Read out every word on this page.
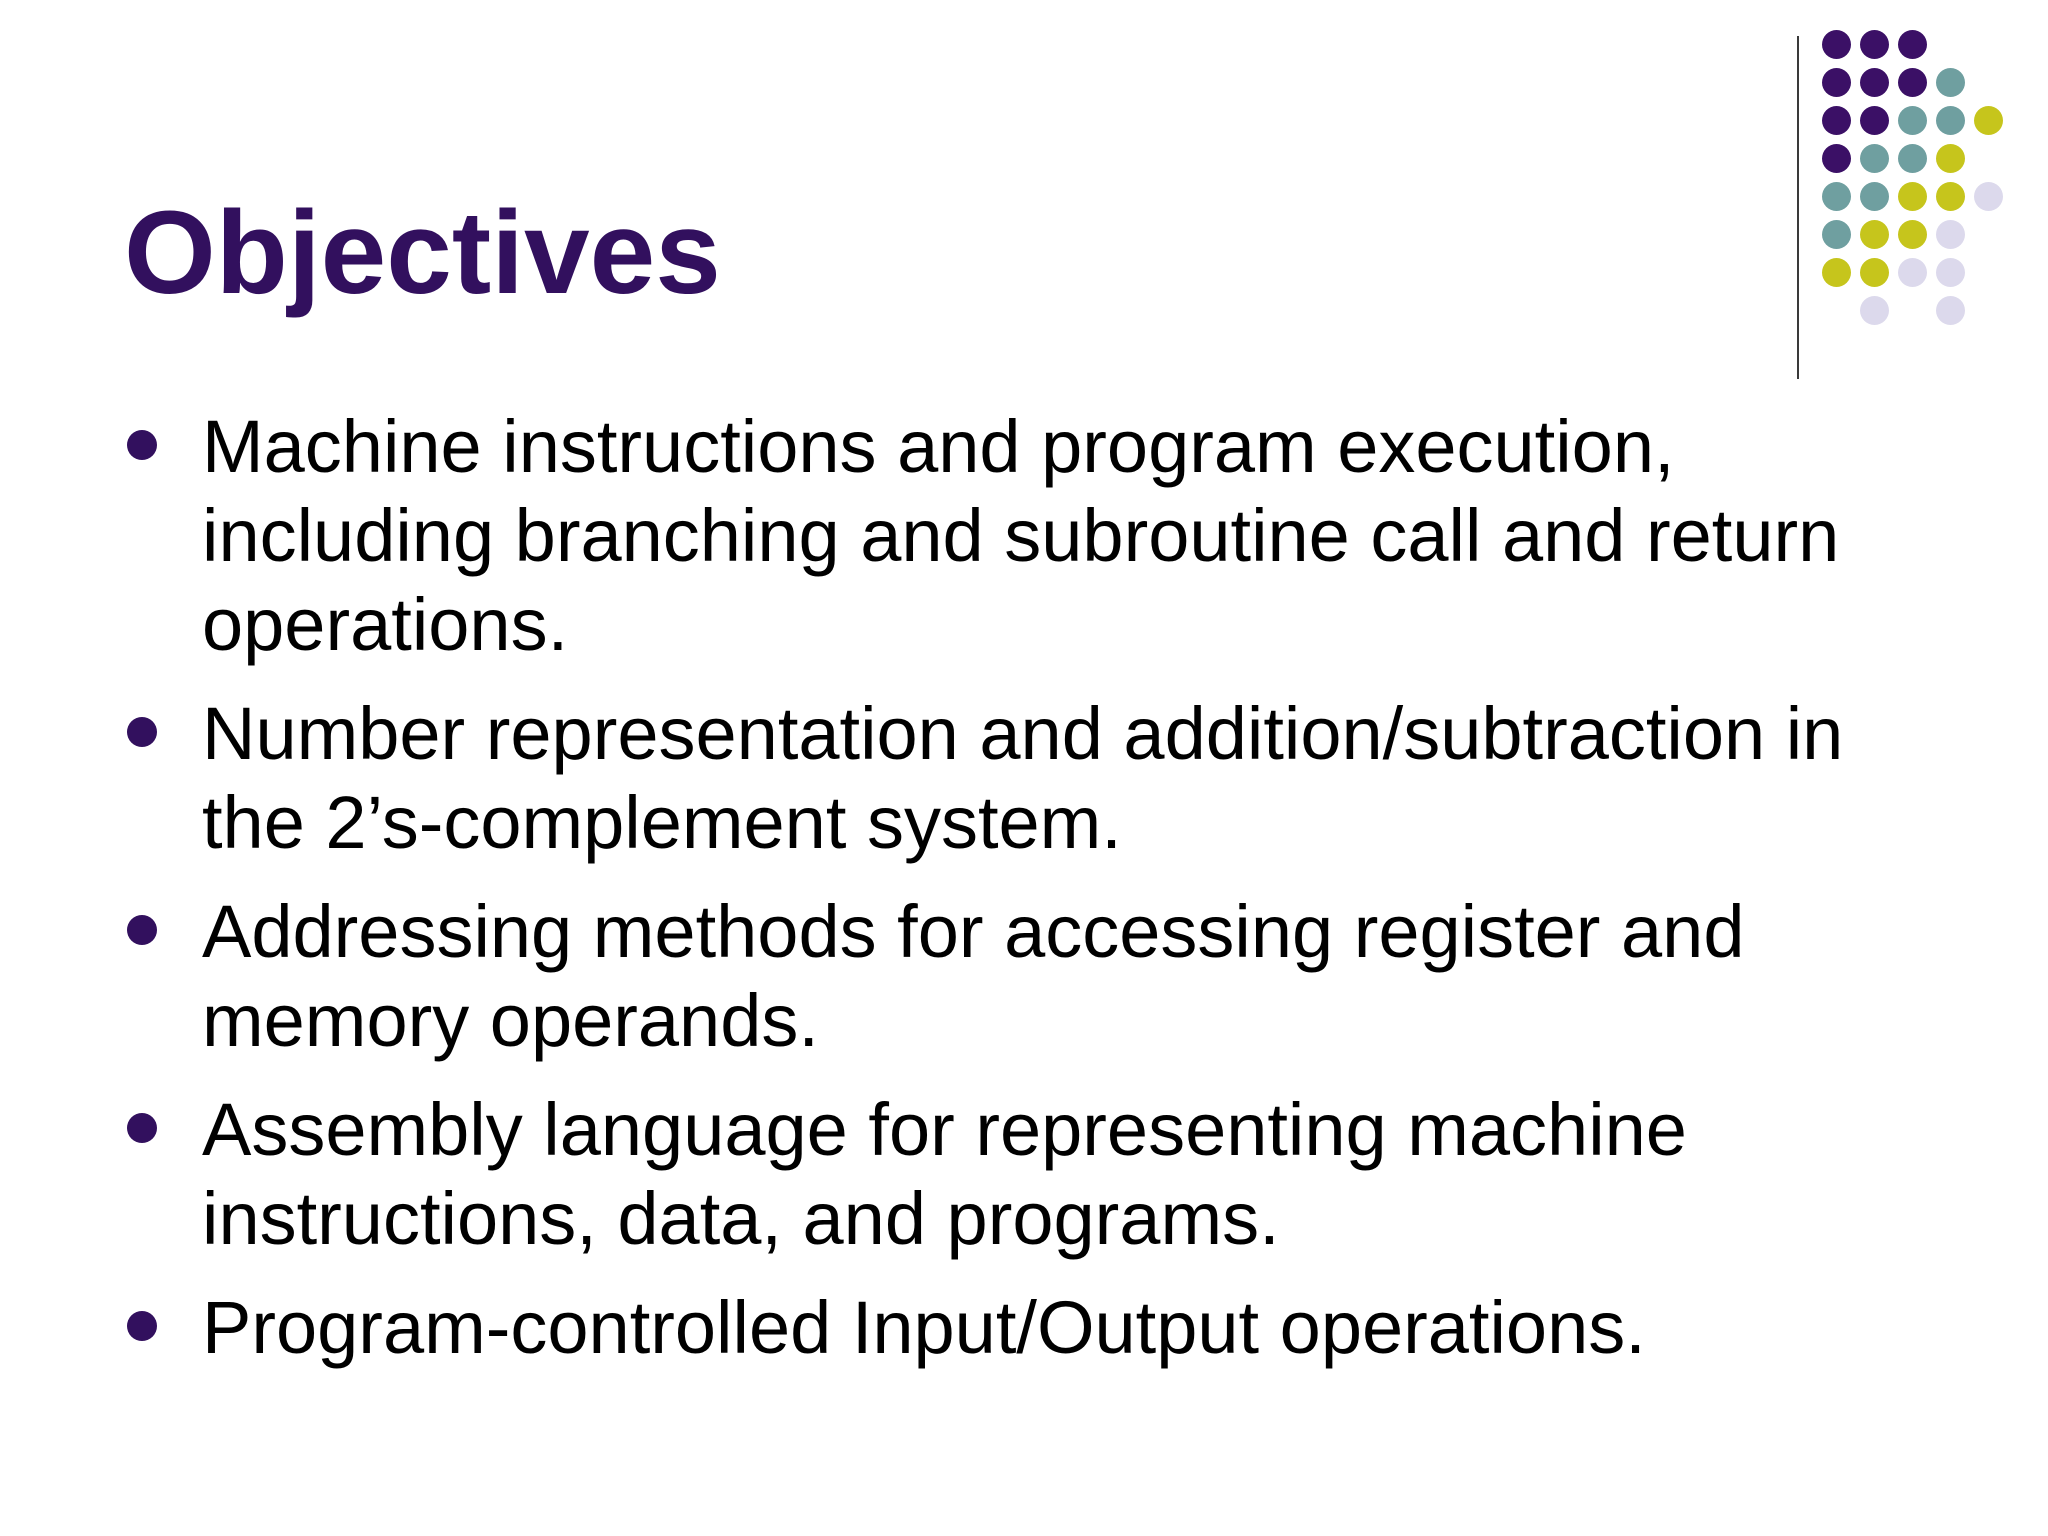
Objectives
Machine instructions and program execution, including branching and subroutine call and return operations.
Number representation and addition/subtraction in the 2’s-complement system.
Addressing methods for accessing register and memory operands.
Assembly language for representing machine instructions, data, and programs.
Program-controlled Input/Output operations.
